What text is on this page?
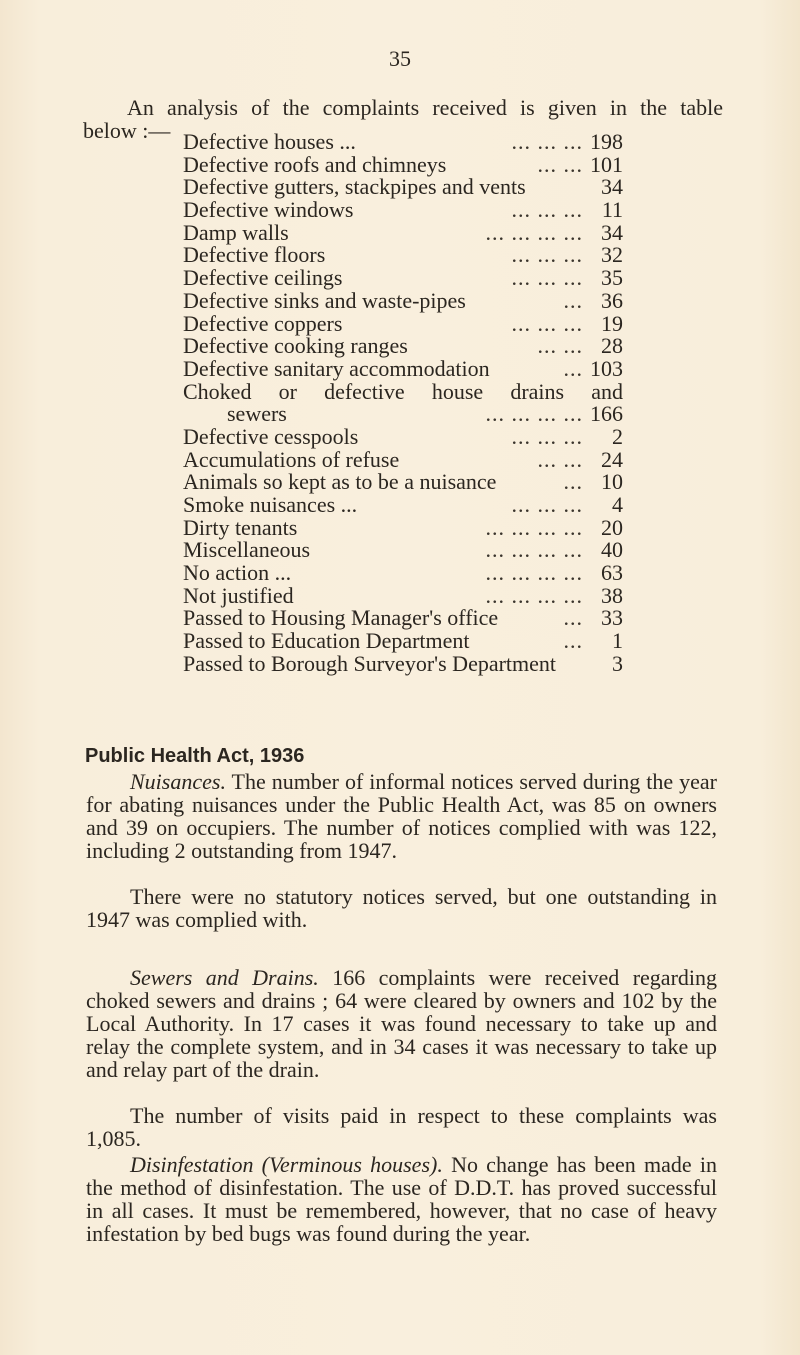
35
An analysis of the complaints received is given in the table
below :— Defective houses ...	... ... ... 198
Defective roofs and chimneys	... ... 101
Defective gutters, stackpipes and vents	34
Defective windows	... ... ... 11
Damp walls	... ... ... ... 34
Defective floors	... ... ... 32
Defective ceilings	... ... ... 35
Defective sinks and waste-pipes	... 36
Defective coppers	... ... ... 19
Defective cooking ranges	... ... 28
Defective sanitary accommodation	... 103
Choked or defective house drains and
sewers	... ... ... ... 166
Defective cesspools	... ... ...	2
Accumulations of refuse	... ... 24
Animals so kept as to be a nuisance	... 10
Smoke nuisances ...	... ... ...	4
Dirty tenants	... ... ... ... 20
Miscellaneous	... ... ... ... 40
No action ...	... ... ... ... 63
Not justified	... ... ... ... 38
Passed to Housing Manager's office	... 33
Passed to Education Department	...	1
Passed to Borough Surveyor's Department	3
Public Health Act, 1936

Nuisances. The number of informal notices served during the year for abating nuisances under the Public Health Act, was 85 on owners and 39 on occupiers. The number of notices complied with was 122, including 2 outstanding from 1947.

There were no statutory notices served, but one outstanding in 1947 was complied with.

Sewers and Drains. 166 complaints were received regarding choked sewers and drains ; 64 were cleared by owners and 102 by the Local Authority. In 17 cases it was found necessary to take up and relay the complete system, and in 34 cases it was necessary to take up and relay part of the drain.

The number of visits paid in respect to these complaints was 1,085.

Disinfestation (Verminous houses). No change has been made in the method of disinfestation. The use of D.D.T. has proved successful in all cases. It must be remembered, however, that no case of heavy infestation by bed bugs was found during the year.
